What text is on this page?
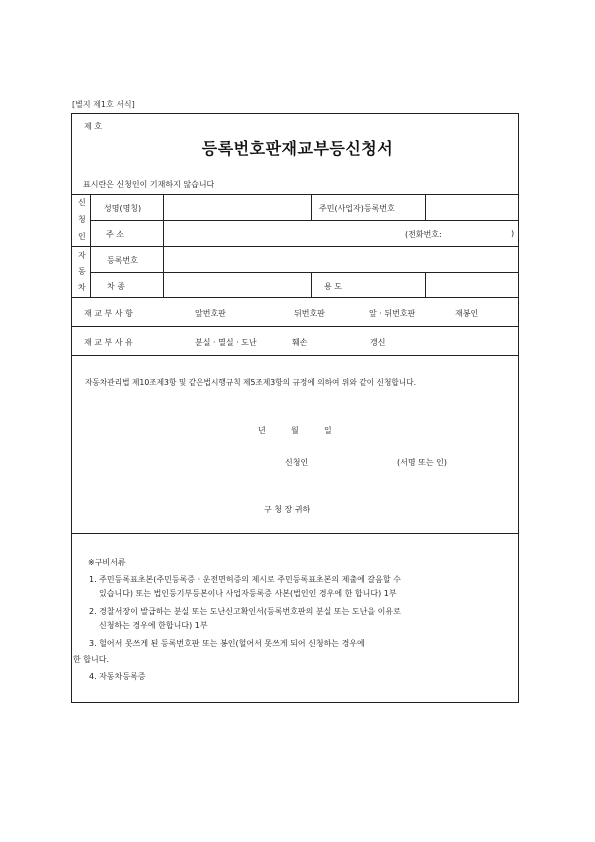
[별지 제1호 서식]
제 호
등록번호판재교부등신청서
표시란은 신청인이 기재하지 않습니다
신
청
인
성명(명칭)	주민(사업자)등록번호
주 소	(전화번호:	)
자
동
차
등록번호
차 종	용 도
재 교 부 사 항	앞번호판	뒤번호판	앞 · 뒤번호판	재봉인
재 교 부 사 유	분실 · 멸실 · 도난	훼손	갱신
자동차관리법 제10조제3항 및 같은법시행규칙 제5조제3항의 규정에 의하여 위와 같이 신청합니다.
년	월	일
신청인	(서명 또는 인)
구 청 장 귀하
※구비서류
1. 주민등록표초본(주민등록증 · 운전면허증의 제시로 주민등록표초본의 제출에 갈음할 수
있습니다) 또는 법인등기부등본이나 사업자등록증 사본(법인인 경우에 한 합니다) 1부
2. 경찰서장이 발급하는 분실 또는 도난신고확인서(등록번호판의 분실 또는 도난을 이유로
신청하는 경우에 한합니다) 1부
3. 헐어서 못쓰게 된 등록번호판 또는 봉인(헐어서 못쓰게 되어 신청하는 경우에
한 합니다.
4. 자동차등록증
